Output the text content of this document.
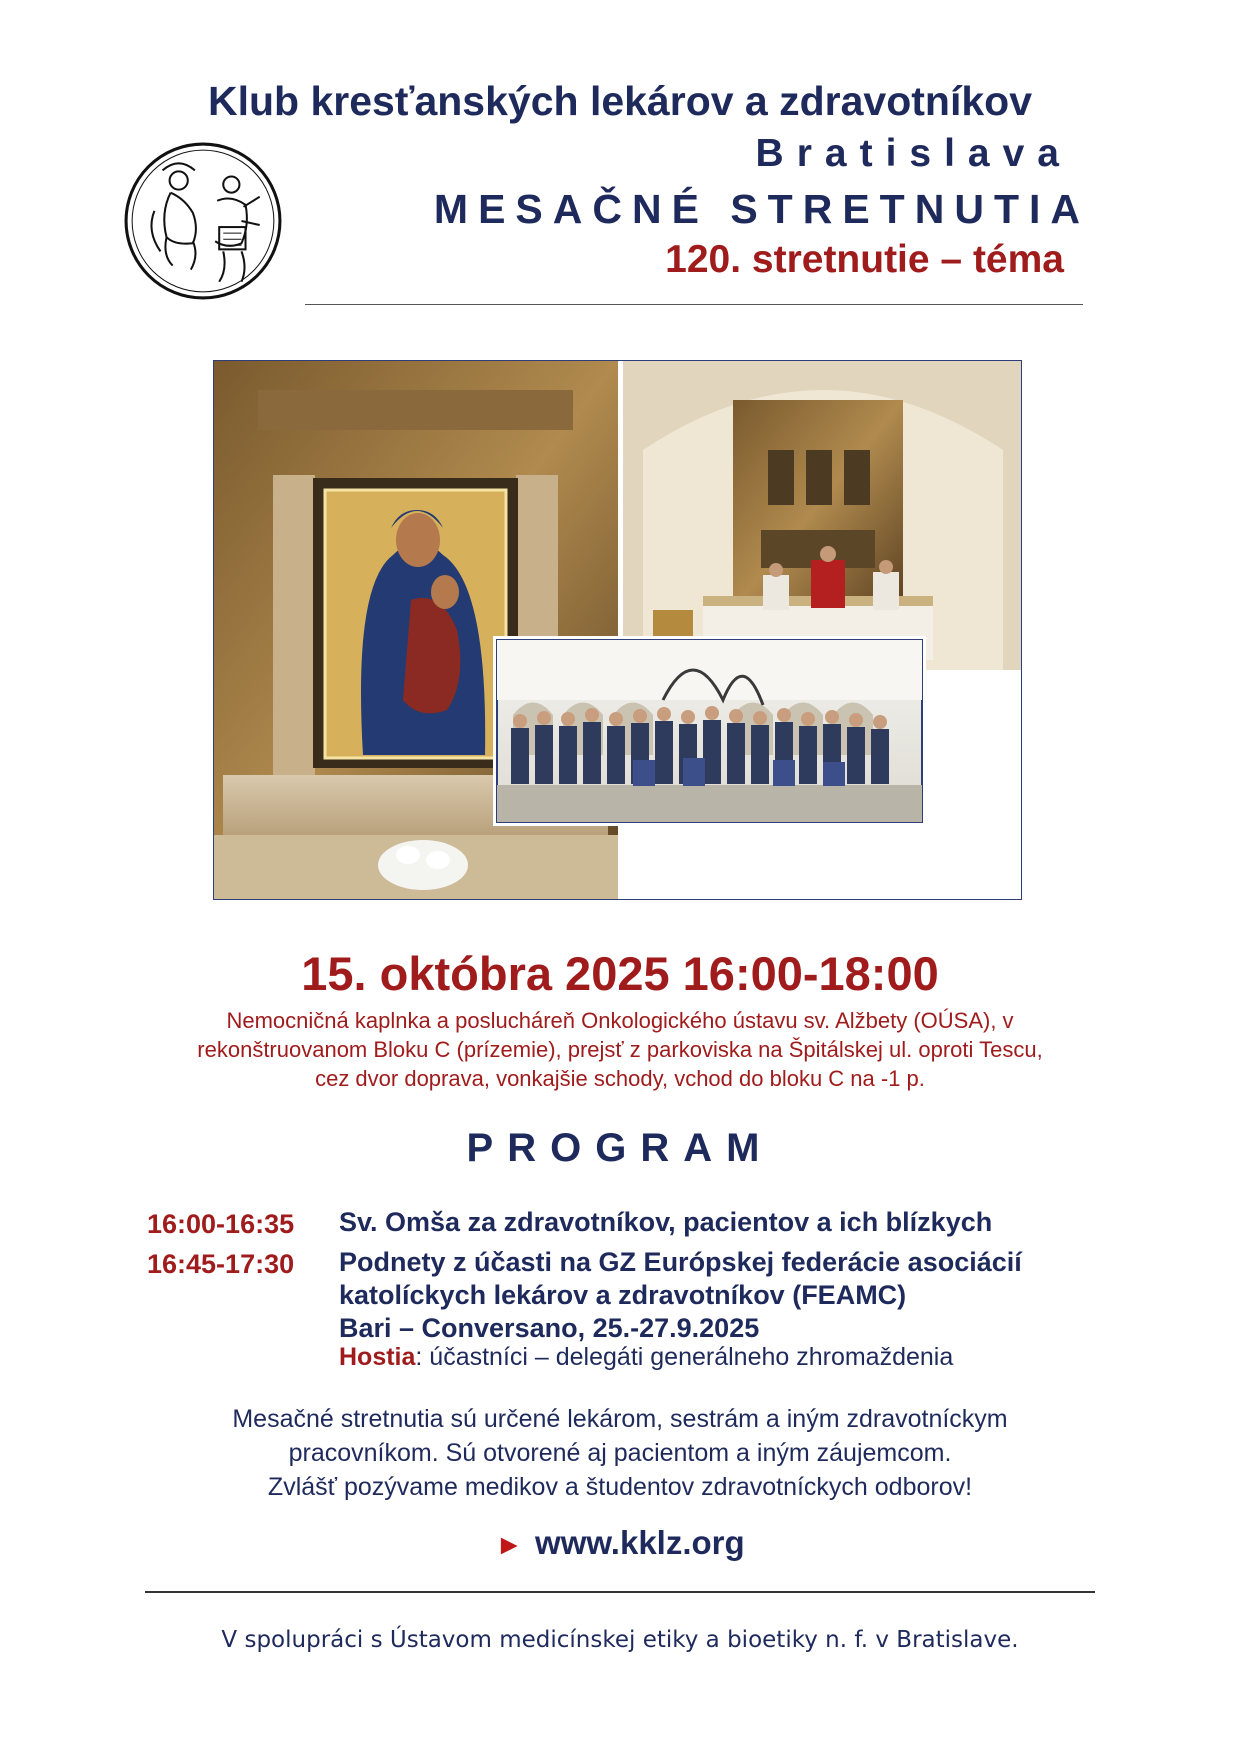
Klub kresťanských lekárov a zdravotníkov
Bratislava
MESAČNÉ STRETNUTIA
120. stretnutie – téma
15. októbra 2025 16:00-18:00
Nemocničná kaplnka a poslucháreň Onkologického ústavu sv. Alžbety (OÚSA), v
rekonštruovanom Bloku C (prízemie), prejsť z parkoviska na Špitálskej ul. oproti Tescu,
cez dvor doprava, vonkajšie schody, vchod do bloku C na -1 p.
PROGRAM
16:00-16:35 Sv. Omša za zdravotníkov, pacientov a ich blízkych
16:45-17:30 Podnety z účasti na GZ Európskej federácie asociácií
katolíckych lekárov a zdravotníkov (FEAMC)
Bari – Conversano, 25.-27.9.2025
Hostia: účastníci – delegáti generálneho zhromaždenia
Mesačné stretnutia sú určené lekárom, sestrám a iným zdravotníckym
pracovníkom. Sú otvorené aj pacientom a iným záujemcom.
Zvlášť pozývame medikov a študentov zdravotníckych odborov!
► www.kklz.org
V spolupráci s Ústavom medicínskej etiky a bioetiky n. f. v Bratislave.
